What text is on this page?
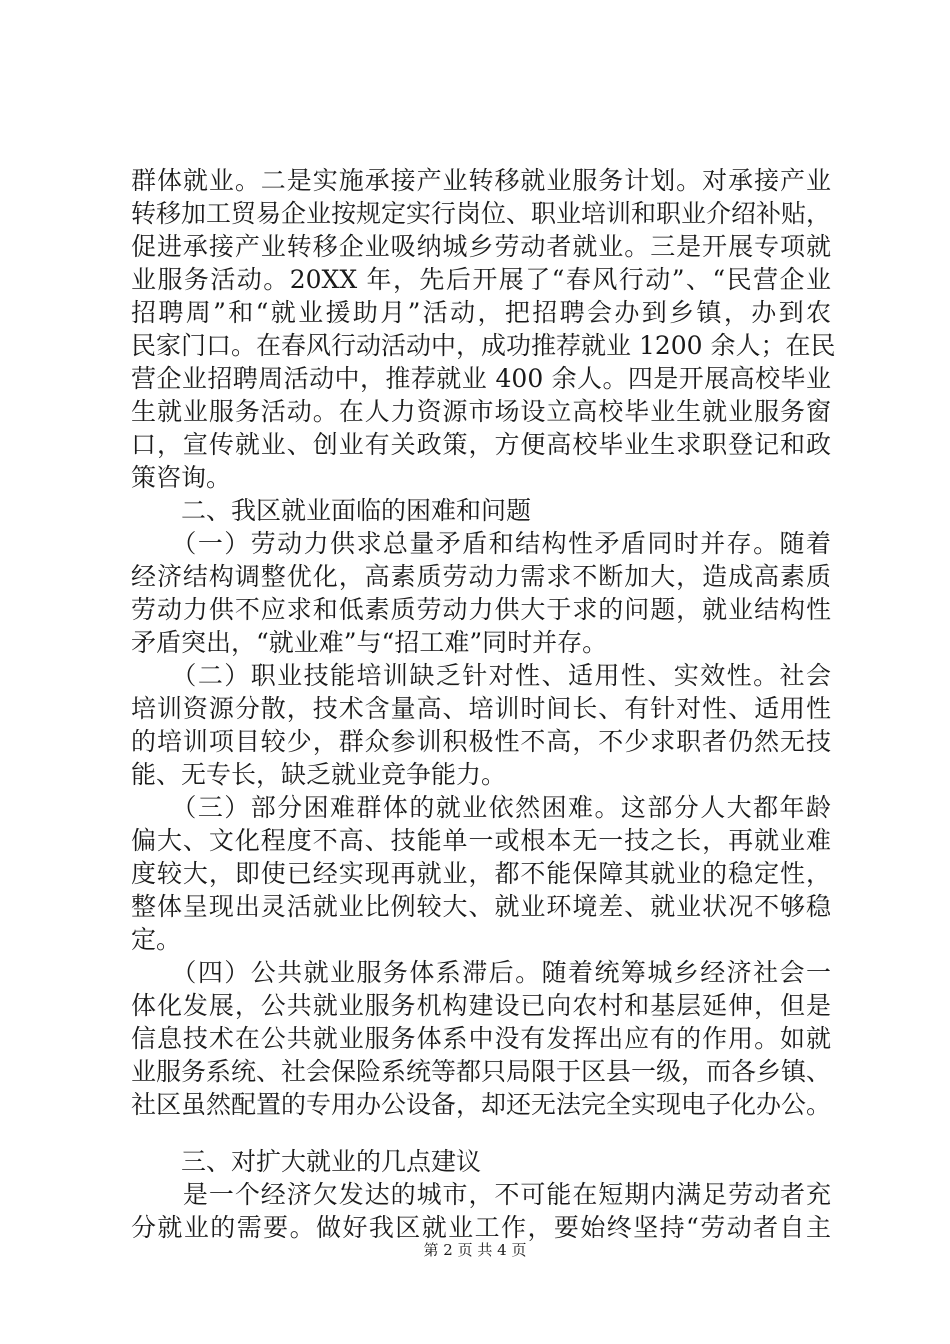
群体就业。二是实施承接产业转移就业服务计划。对承接产业
转移加工贸易企业按规定实行岗位、职业培训和职业介绍补贴，
促进承接产业转移企业吸纳城乡劳动者就业。三是开展专项就
业服务活动。20XX 年，先后开展了“春风行动”、“民营企业
招聘周”和“就业援助月”活动，把招聘会办到乡镇，办到农
民家门口。在春风行动活动中，成功推荐就业 1200 余人；在民
营企业招聘周活动中，推荐就业 400 余人。四是开展高校毕业
生就业服务活动。在人力资源市场设立高校毕业生就业服务窗
口，宣传就业、创业有关政策，方便高校毕业生求职登记和政
策咨询。
　　二、我区就业面临的困难和问题
　　（一）劳动力供求总量矛盾和结构性矛盾同时并存。随着
经济结构调整优化，高素质劳动力需求不断加大，造成高素质
劳动力供不应求和低素质劳动力供大于求的问题，就业结构性
矛盾突出，“就业难”与“招工难”同时并存。
　　（二）职业技能培训缺乏针对性、适用性、实效性。社会
培训资源分散，技术含量高、培训时间长、有针对性、适用性
的培训项目较少，群众参训积极性不高，不少求职者仍然无技
能、无专长，缺乏就业竞争能力。
　　（三）部分困难群体的就业依然困难。这部分人大都年龄
偏大、文化程度不高、技能单一或根本无一技之长，再就业难
度较大，即使已经实现再就业，都不能保障其就业的稳定性，
整体呈现出灵活就业比例较大、就业环境差、就业状况不够稳
定。
　　（四）公共就业服务体系滞后。随着统筹城乡经济社会一
体化发展，公共就业服务机构建设已向农村和基层延伸，但是
信息技术在公共就业服务体系中没有发挥出应有的作用。如就
业服务系统、社会保险系统等都只局限于区县一级，而各乡镇、
社区虽然配置的专用办公设备，却还无法完全实现电子化办公。
　　三、对扩大就业的几点建议
　　是一个经济欠发达的城市，不可能在短期内满足劳动者充
分就业的需要。做好我区就业工作，要始终坚持“劳动者自主
第 2 页 共 4 页
